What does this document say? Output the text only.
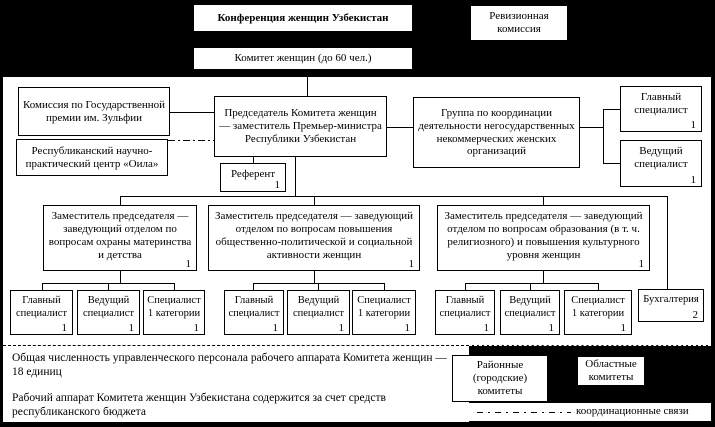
Конференция женщин Узбекистан	Ревизионная комиссия
Комитет женщин (до 60 чел.)
Комиссия по Государственной премии им. Зульфии
Республиканский научно-практический центр «Оила»
Председатель Комитета женщин — заместитель Премьер-министра Республики Узбекистан
Референт
1
Группа по координации деятельности негосударственных некоммерческих женских организаций
Главный специалист
1
Ведущий специалист
1
Заместитель председателя — заведующий отделом по вопросам охраны материнства и детства
1
Заместитель председателя — заведующий отделом по вопросам повышения общественно-политической и социальной активности женщин
1
Заместитель председателя — заведующий отделом по вопросам образования (в т. ч. религиозного) и повышения культурного уровня женщин
1
Главный специалист
1
Ведущий специалист
1
Специалист 1 категории
1
Главный специалист
1
Ведущий специалист
1
Специалист 1 категории
1
Главный специалист
1
Ведущий специалист
1
Специалист 1 категории
1
Бухгалтерия
2

Общая численность управленческого персонала рабочего аппарата Комитета женщин — 18 единиц

Рабочий аппарат Комитета женщин Узбекистана содержится за счет средств республиканского бюджета

Районные (городские) комитеты
Областные комитеты
координационные связи
